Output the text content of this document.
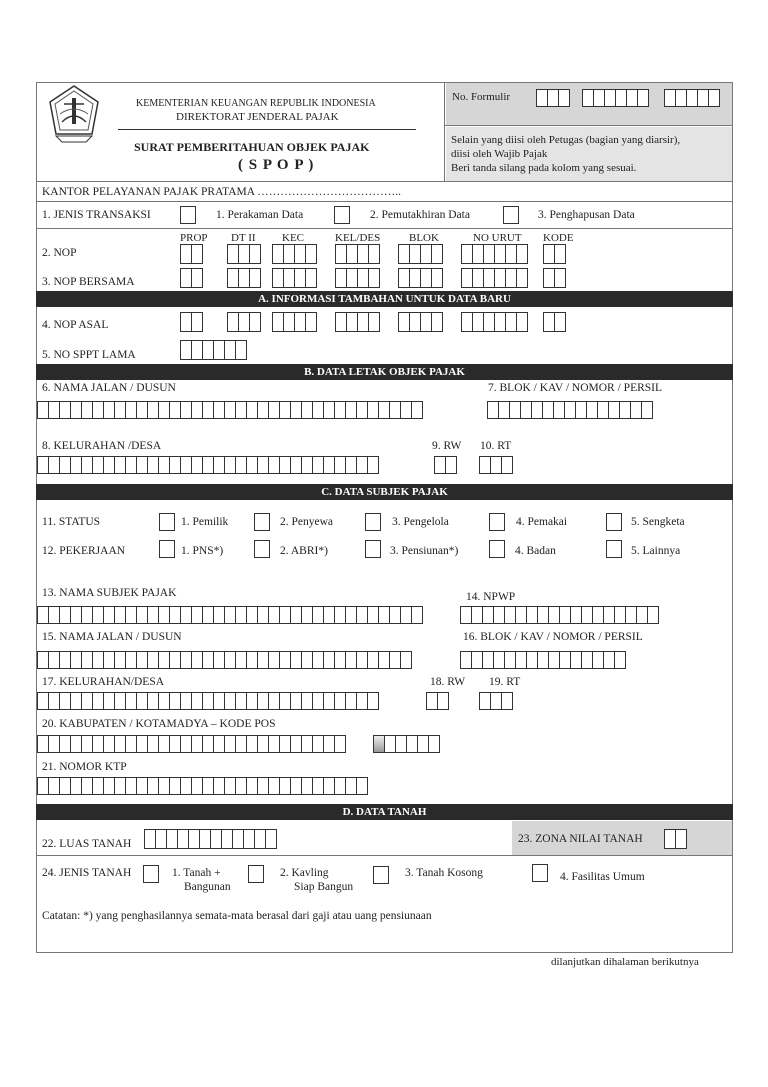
KEMENTERIAN KEUANGAN REPUBLIK INDONESIA
DIREKTORAT JENDERAL PAJAK
SURAT PEMBERITAHUAN OBJEK PAJAK
( S P O P )
No. Formulir
Selain yang diisi oleh Petugas (bagian yang diarsir),
diisi oleh Wajib Pajak
Beri tanda silang pada kolom yang sesuai.
KANTOR PELAYANAN PAJAK PRATAMA ………………………………..
1. JENIS TRANSAKSI	1. Perakaman Data	2. Pemutakhiran Data	3. Penghapusan Data
PROP DT II KEC	KEL/DES	BLOK	NO URUT KODE
2. NOP
3. NOP BERSAMA
A. INFORMASI TAMBAHAN UNTUK DATA BARU
4. NOP ASAL
5. NO SPPT LAMA
B. DATA LETAK OBJEK PAJAK
6. NAMA JALAN / DUSUN	7. BLOK / KAV / NOMOR / PERSIL
8. KELURAHAN /DESA	9. RW 10. RT
C. DATA SUBJEK PAJAK
11. STATUS	1. Pemilik	2. Penyewa	3. Pengelola	4. Pemakai	5. Sengketa
12. PEKERJAAN	1. PNS*)	2. ABRI*)	3. Pensiunan*)	4. Badan	5. Lainnya
13. NAMA SUBJEK PAJAK	14. NPWP
15. NAMA JALAN / DUSUN	16. BLOK / KAV / NOMOR / PERSIL
17. KELURAHAN/DESA	18. RW 19. RT
20. KABUPATEN / KOTAMADYA – KODE POS
21. NOMOR KTP
D. DATA TANAH
22. LUAS TANAH	23. ZONA NILAI TANAH
24. JENIS TANAH	1. Tanah +
Bangunan
2. Kavling
Siap Bangun
3. Tanah Kosong	4. Fasilitas Umum
Catatan: *) yang penghasilannya semata-mata berasal dari gaji atau uang pensiunaan
dilanjutkan dihalaman berikutnya
